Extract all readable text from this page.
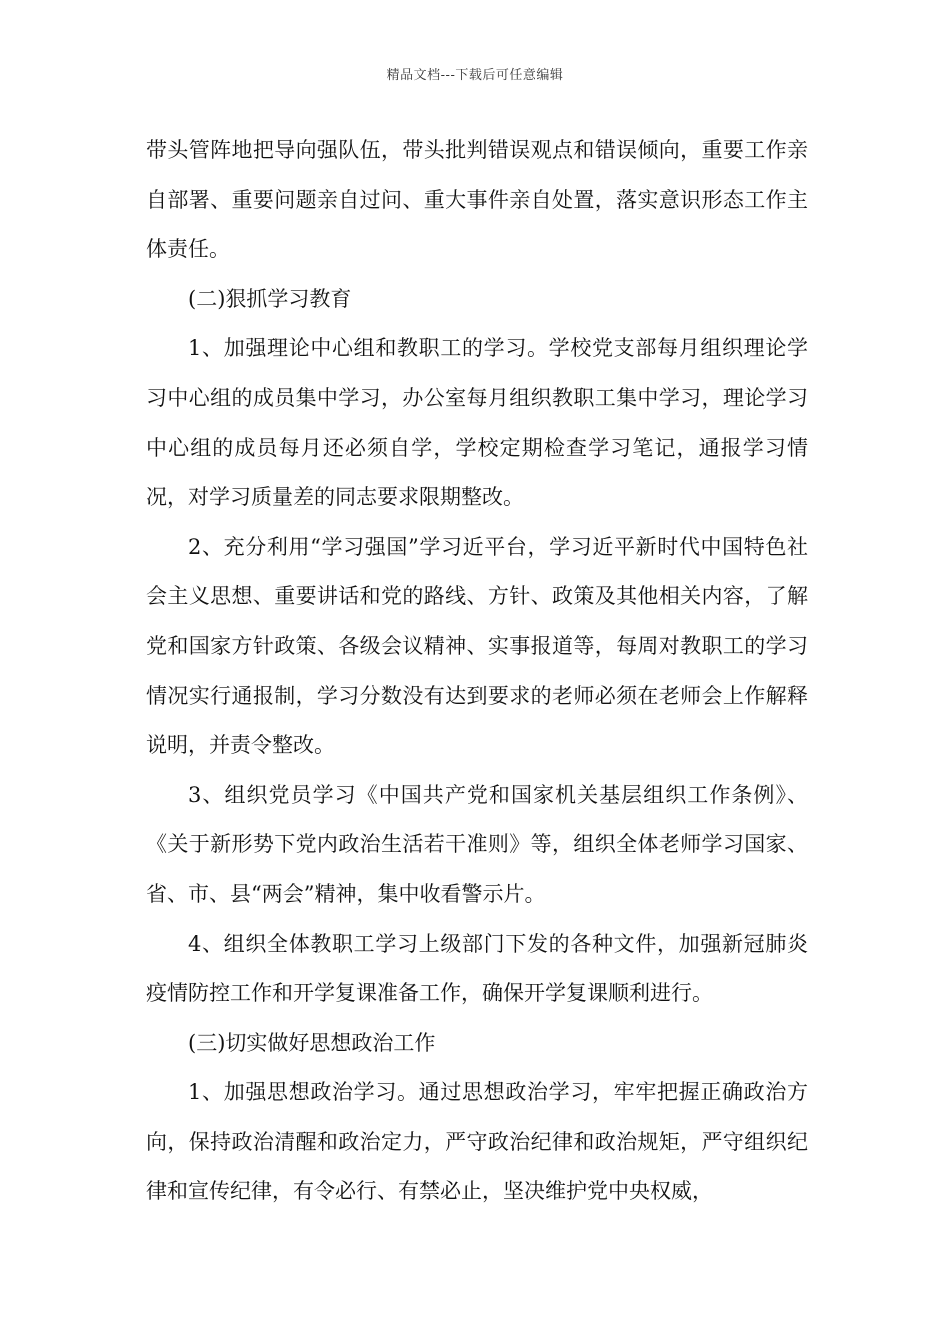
精品文档---下载后可任意编辑

带头管阵地把导向强队伍，带头批判错误观点和错误倾向，重要工作亲自部署、重要问题亲自过问、重大事件亲自处置，落实意识形态工作主体责任。

(二)狠抓学习教育

1、加强理论中心组和教职工的学习。学校党支部每月组织理论学习中心组的成员集中学习，办公室每月组织教职工集中学习，理论学习中心组的成员每月还必须自学，学校定期检查学习笔记，通报学习情况，对学习质量差的同志要求限期整改。

2、充分利用“学习强国”学习近平台，学习近平新时代中国特色社会主义思想、重要讲话和党的路线、方针、政策及其他相关内容，了解党和国家方针政策、各级会议精神、实事报道等，每周对教职工的学习情况实行通报制，学习分数没有达到要求的老师必须在老师会上作解释说明，并责令整改。

3、组织党员学习《中国共产党和国家机关基层组织工作条例》、《关于新形势下党内政治生活若干准则》等，组织全体老师学习国家、省、市、县“两会”精神，集中收看警示片。

4、组织全体教职工学习上级部门下发的各种文件，加强新冠肺炎疫情防控工作和开学复课准备工作，确保开学复课顺利进行。

(三)切实做好思想政治工作

1、加强思想政治学习。通过思想政治学习，牢牢把握正确政治方向，保持政治清醒和政治定力，严守政治纪律和政治规矩，严守组织纪律和宣传纪律，有令必行、有禁必止，坚决维护党中央权威，
